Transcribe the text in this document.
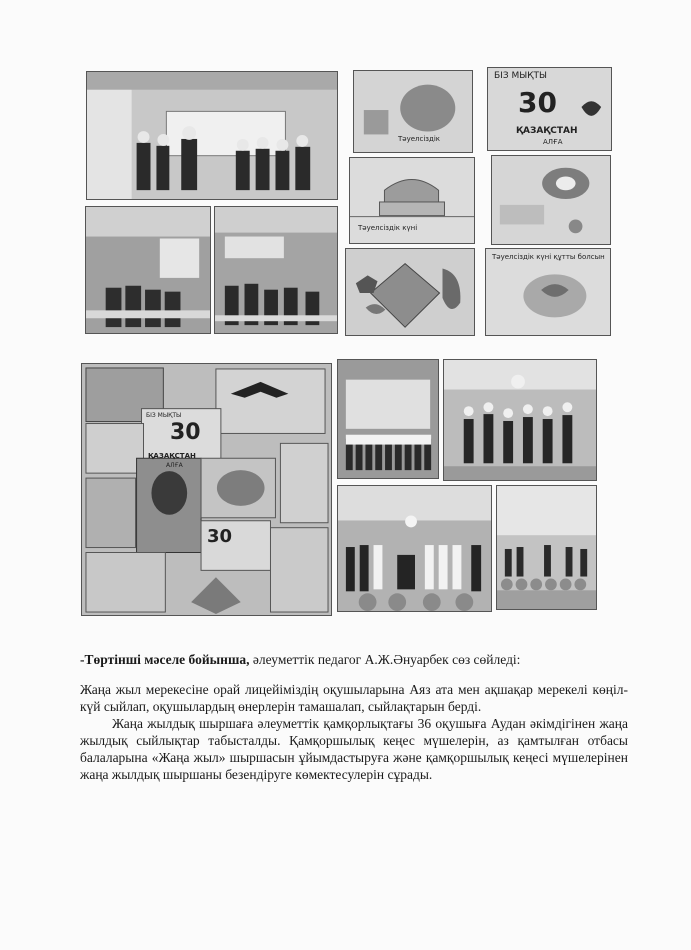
Тәуелсіздік
БІЗ МЫҚТЫ
30
ҚАЗАҚСТАН
АЛҒА
Тәуелсіздік күні
Тәуелсіздік күні құтты болсын
БІЗ МЫҚТЫ
30
ҚАЗАҚСТАН
АЛҒА
30
-Төртінші мәселе бойынша, әлеуметтік педагог А.Ж.Әнуарбек сөз сөйледі:

Жаңа жыл мерекесіне орай лицейіміздің оқушыларына Аяз ата мен ақшақар мерекелі көңіл-күй сыйлап, оқушылардың өнерлерін тамашалап, сыйлақтарын берді.

Жаңа жылдық шыршаға әлеуметтік қамқорлықтағы 36 оқушыға Аудан әкімдігінен жаңа жылдық сыйлықтар табысталды. Қамқоршылық кеңес мүшелерін, аз қамтылған отбасы балаларына «Жаңа жыл» шыршасын ұйымдастыруға және қамқоршылық кеңесі мүшелерінен жаңа жылдық шыршаны безендіруге көмектесулерін сұрады.
